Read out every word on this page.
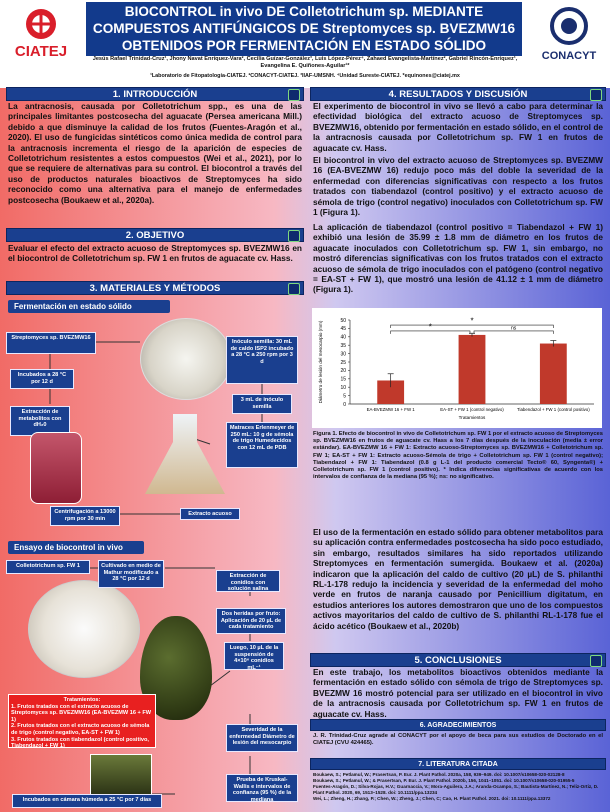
CIATEJ
BIOCONTROL in vivo DE Colletotrichum sp. MEDIANTE
COMPUESTOS ANTIFÚNGICOS DE Streptomyces sp. BVEZMW16
OBTENIDOS POR FERMENTACIÓN EN ESTADO SÓLIDO
Jesús Rafael Trinidad-Cruz¹, Jhony Navat Enríquez-Vara², Cecilia Guízar-González³, Luis López-Pérez⁴, Zahaed Evangelista-Martínez², Gabriel Rincón-Enríquez¹, Evangelina E. Quiñones-Aguilar¹*
¹Laboratorio de Fitopatología-CIATEJ. ²CONACYT-CIATEJ. ³IIAF-UMSNH. ⁴Unidad Sureste-CIATEJ. *equinones@ciatej.mx
CONACYT
1. INTRODUCCIÓN
La antracnosis, causada por Colletotrichum spp., es una de las principales limitantes postcosecha del aguacate (Persea americana Mill.) debido a que disminuye la calidad de los frutos (Fuentes-Aragón et al., 2020). El uso de fungicidas sintéticos como única medida de control para la antracnosis incrementa el riesgo de la aparición de especies de Colletotrichum resistentes a estos compuestos (Wei et al., 2021), por lo que se requiere de alternativas para su control. El biocontrol a través del uso de productos naturales bioactivos de Streptomyces ha sido reconocido como una alternativa para el manejo de enfermedades postcosecha (Boukaew et al., 2020a).
2. OBJETIVO
Evaluar el efecto del extracto acuoso de Streptomyces sp. BVEZMW16 en el biocontrol de Colletotrichum sp. FW 1 en frutos de aguacate cv. Hass.
3. MATERIALES Y MÉTODOS
Fermentación en estado sólido
Streptomyces sp. BVEZMW16
Incubados a 28 °C por 12 d
Extracción de metabolitos con dH₂0
Centrifugación a 13000 rpm por 30 min
Extracto acuoso
Inóculo semilla: 30 mL de caldo ISP2 incubado a 28 °C a 250 rpm por 3 d
3 mL de inóculo semilla
Matraces Erlenmeyer de 250 mL: 10 g de sémola de trigo Humedecidos con 12 mL de PDB
Ensayo de biocontrol in vivo
Colletotrichum sp. FW 1	Cultivado en medio de Mathur modificado a 28 °C por 12 d
Extracción de conidios con solución salina
Dos heridas por fruto: Aplicación de 20 µL de cada tratamiento
Luego, 10 µL de la suspensión de 4×10⁶ conidios mL⁻¹
Tratamientos:
1. Frutos tratados con el extracto acuoso de Streptomyces sp. BVEZMW16 (EA-BVEZMW 16 + FW 1)
2. Frutos tratados con el extracto acuoso de sémola de trigo (control negativo, EA-ST + FW 1)
3. Frutos tratados con tiabendazol (control positivo, Tiabendazol + FW 1)
Severidad de la enfermedad Diámetro de lesión del mesocarpio
Prueba de Kruskal-Wallis e intervalos de confianza (95 %) de la mediana
Incubados en cámara húmeda a 25 °C por 7 días
4. RESULTADOS Y DISCUSIÓN
El experimento de biocontrol in vivo se llevó a cabo para determinar la efectividad biológica del extracto acuoso de Streptomyces sp. BVEZMW16, obtenido por fermentación en estado sólido, en el control de la antracnosis causada por Colletotrichum sp. FW 1 en frutos de aguacate cv. Hass.
El biocontrol in vivo del extracto acuoso de Streptomyces sp. BVEZMW 16 (EA-BVEZMW 16) redujo poco más del doble la severidad de la enfermedad con diferencias significativas con respecto a los frutos tratados con tiabendazol (control positivo) y el extracto acuoso de sémola de trigo (control negativo) inoculados con Colletotrichum sp. FW 1 (Figura 1).
La aplicación de tiabendazol (control positivo = Tiabendazol + FW 1) exhibió una lesión de 35.99 ± 1.8 mm de diámetro en los frutos de aguacate inoculados con Colletotrichum sp. FW 1, sin embargo, no mostró diferencias significativas con los frutos tratados con el extracto acuoso de sémola de trigo inoculados con el patógeno (control negativo = EA-ST + FW 1), que mostró una lesión de 41.12 ± 1 mm de diámetro (Figura 1).
0
5
10
15
20
25
30
35
40
45
50
Diámetro de lesión del mesocarpio (mm)
EA-BVEZMW 16 + FW 1	EA-ST + FW 1 (control negativo)	Tiabendazol + FW 1 (control positivo)
Tratamientos
*
*	ns
Figura 1. Efecto de biocontrol in vivo de Colletotrichum sp. FW 1 por el extracto acuoso de Streptomyces sp. BVEZMW16 en frutos de aguacate cv. Hass a los 7 días después de la inoculación (media ± error estándar). EA-BVEZMW 16 + FW 1: Extracto acuoso-Streptomyces sp. BVEZMW16 + Colletotrichum sp. FW 1; EA-ST + FW 1: Extracto acuoso-Sémola de trigo + Colletotrichum sp. FW 1 (control negativo); Tiabendazol + FW 1: Tiabendazol (0.8 g L-1 del producto comercial Tecto® 60, Syngenta®) + Colletotrichum sp. FW 1 (control positivo). * Indica diferencias significativas de acuerdo con los intervalos de confianza de la mediana (95 %); ns: no significativo.
El uso de la fermentación en estado sólido para obtener metabolitos para su aplicación contra enfermedades postcosecha ha sido poco estudiado, sin embargo, resultados similares ha sido reportados utilizando Streptomyces en fermentación sumergida. Boukaew et al. (2020a) indicaron que la aplicación del caldo de cultivo (20 µL) de S. philanthi RL-1-178 redujo la incidencia y severidad de la enfermedad del moho verde en frutos de naranja causado por Penicillium digitatum, en estudios anteriores los autores demostraron que uno de los compuestos activos mayoritarios del caldo de cultivo de S. philanthi RL-1-178 fue el ácido acético (Boukaew et al., 2020b)
5. CONCLUSIONES
En este trabajo, los metabolitos bioactivos obtenidos mediante la fermentación en estado sólido con sémola de trigo de Streptomyces sp. BVEZMW 16 mostró potencial para ser utilizado en el biocontrol in vivo de la antracnosis causada por Colletotrichum sp. FW 1 en frutos de aguacate cv. Hass.
6. AGRADECIMIENTOS
J. R. Trinidad-Cruz agrade al CONACYT por el apoyo de beca para sus estudios de Doctorado en el CIATEJ (CVU 424465).
7. LITERATURA CITADA
Boukaew, S.; Petlamul, W.; Prasertsan, P. Eur. J. Plant Pathol. 2020a, 158, 939–949. doi: 10.1007/s10658-020-02128-8
Boukaew, S.; Petlamul, W.; & Prasertsan, P. Eur. J. Plant Pathol. 2020b, 156, 1041–1051. doi: 10.1007/s10658-020-01955-5
Fuentes-Aragón, D.; Silva-Rojas, H.V.; Guarnaccia, V.; Mora-Aguilera, J.A.; Aranda-Ocampo, S.; Bautista-Martínez, N.; Teliz-Ortiz, D. Plant Pathol. 2020, 69, 1513–1528. doi: 10.1111/ppa.13234
Wei, L.; Zheng, H.; Zhang, P.; Chen, W.; Zheng, J.; Chen, C; Cao, H. Plant Pathol. 2021. doi: 10.1111/ppa.13372
